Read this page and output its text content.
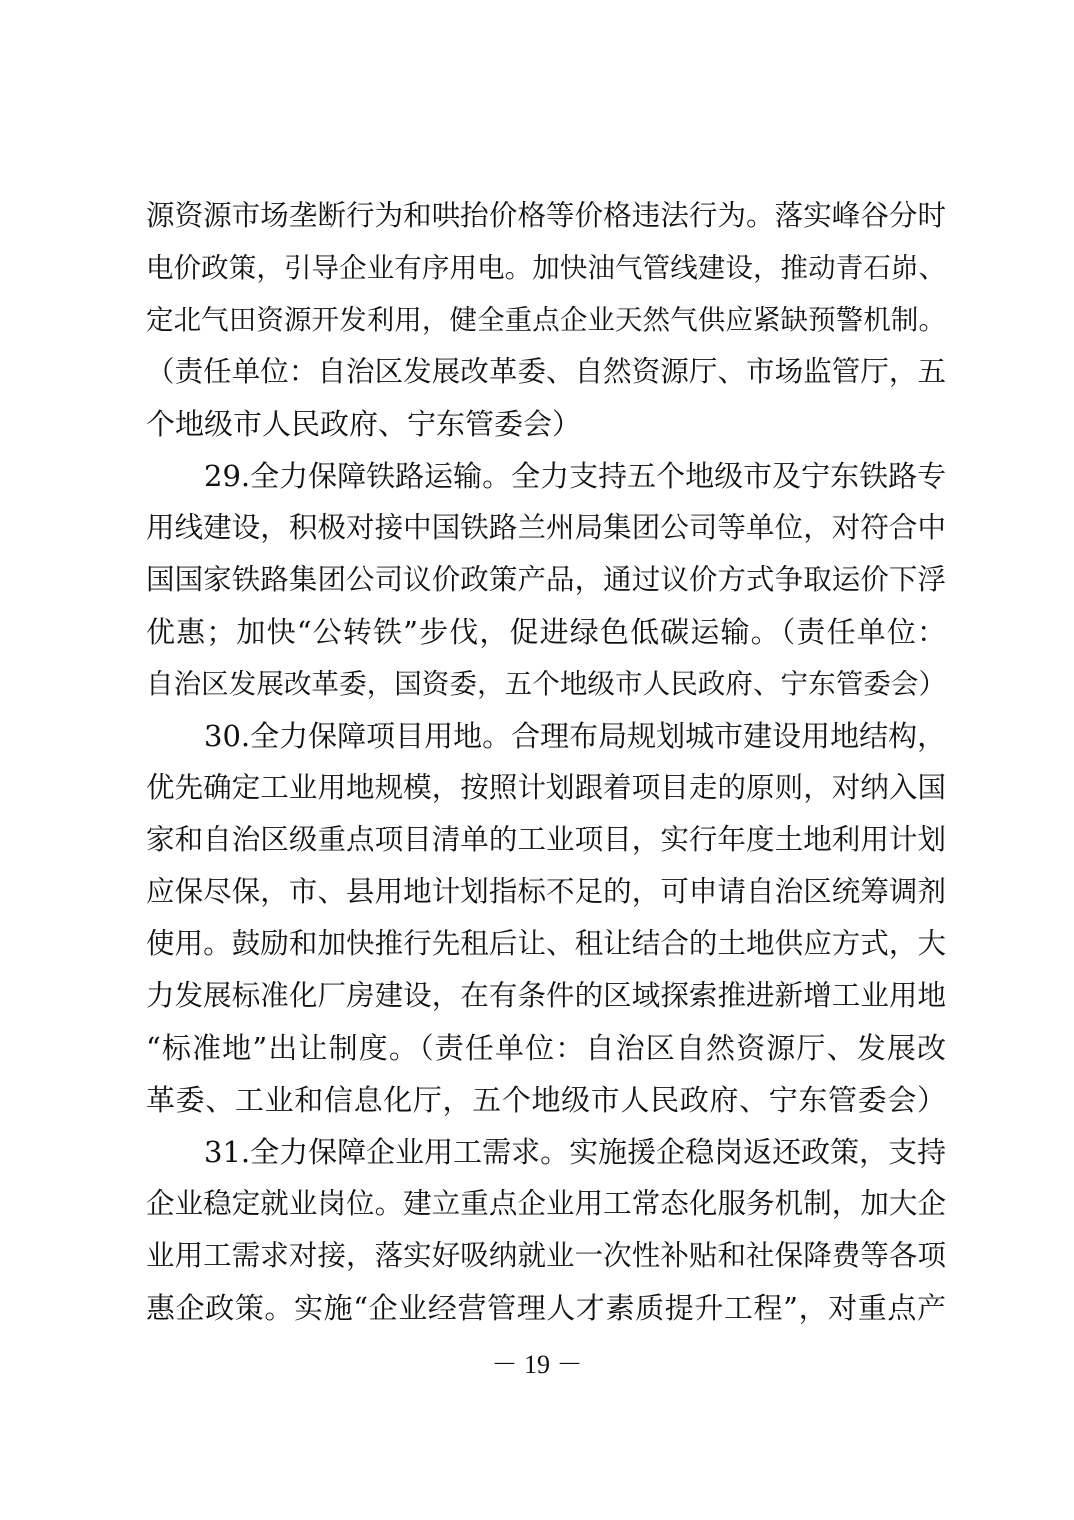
源资源市场垄断行为和哄抬价格等价格违法行为。落实峰谷分时
电价政策，引导企业有序用电。加快油气管线建设，推动青石峁、
定北气田资源开发利用，健全重点企业天然气供应紧缺预警机制。
（责任单位：自治区发展改革委、自然资源厅、市场监管厅，五
个地级市人民政府、宁东管委会）
29.全力保障铁路运输。全力支持五个地级市及宁东铁路专
用线建设，积极对接中国铁路兰州局集团公司等单位，对符合中
国国家铁路集团公司议价政策产品，通过议价方式争取运价下浮
优惠；加快“公转铁”步伐，促进绿色低碳运输。（责任单位：
自治区发展改革委，国资委，五个地级市人民政府、宁东管委会）
30.全力保障项目用地。合理布局规划城市建设用地结构，
优先确定工业用地规模，按照计划跟着项目走的原则，对纳入国
家和自治区级重点项目清单的工业项目，实行年度土地利用计划
应保尽保，市、县用地计划指标不足的，可申请自治区统筹调剂
使用。鼓励和加快推行先租后让、租让结合的土地供应方式，大
力发展标准化厂房建设，在有条件的区域探索推进新增工业用地
“标准地”出让制度。（责任单位：自治区自然资源厅、发展改
革委、工业和信息化厅，五个地级市人民政府、宁东管委会）
31.全力保障企业用工需求。实施援企稳岗返还政策，支持
企业稳定就业岗位。建立重点企业用工常态化服务机制，加大企
业用工需求对接，落实好吸纳就业一次性补贴和社保降费等各项
惠企政策。实施“企业经营管理人才素质提升工程”，对重点产
－ 19 －
